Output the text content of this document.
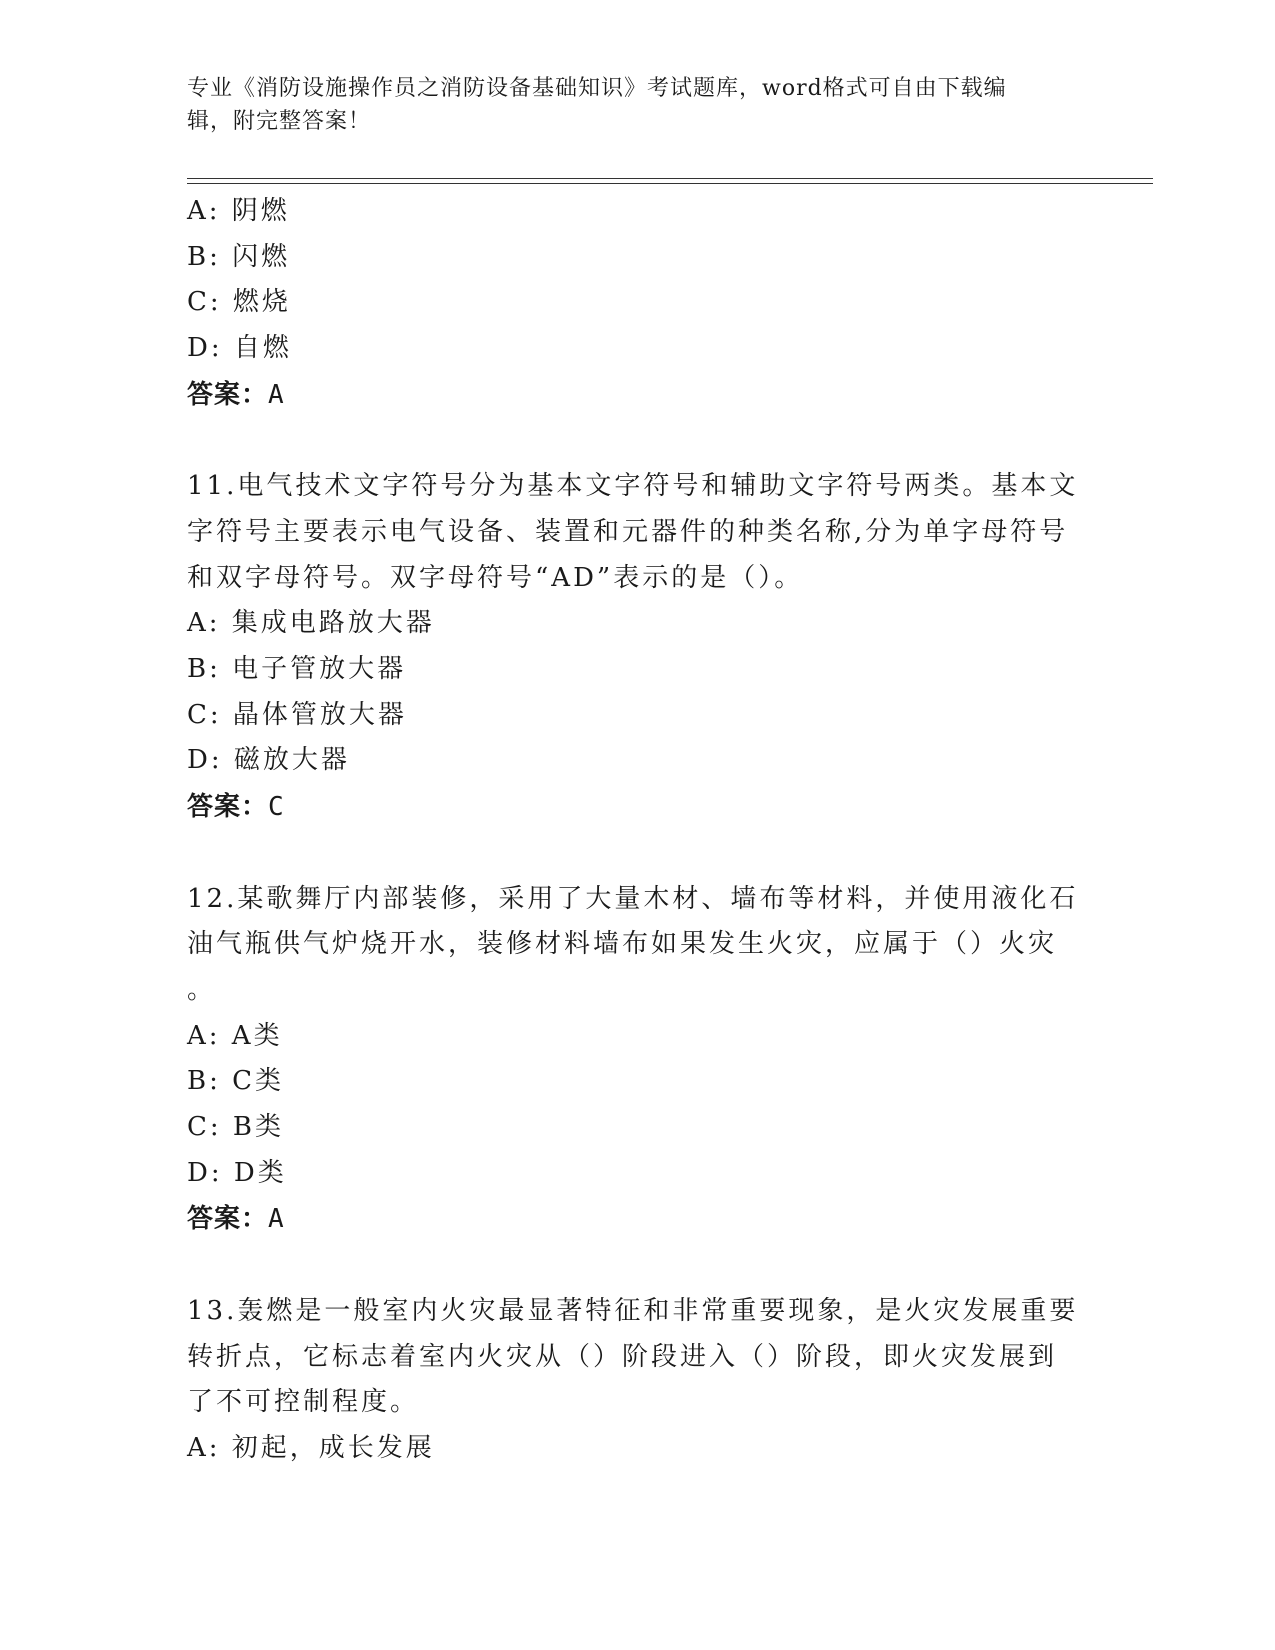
专业《消防设施操作员之消防设备基础知识》考试题库，word格式可自由下载编
辑，附完整答案！
A: 阴燃
B: 闪燃
C: 燃烧
D: 自燃
答案：A
11.电气技术文字符号分为基本文字符号和辅助文字符号两类。基本文
字符号主要表示电气设备、装置和元器件的种类名称,分为单字母符号
和双字母符号。双字母符号“AD”表示的是（）。
A: 集成电路放大器
B: 电子管放大器
C: 晶体管放大器
D: 磁放大器
答案：C
12.某歌舞厅内部装修，采用了大量木材、墙布等材料，并使用液化石
油气瓶供气炉烧开水，装修材料墙布如果发生火灾，应属于（）火灾
。
A: A类
B: C类
C: B类
D: D类
答案：A
13.轰燃是一般室内火灾最显著特征和非常重要现象，是火灾发展重要
转折点，它标志着室内火灾从（）阶段进入（）阶段，即火灾发展到
了不可控制程度。
A: 初起，成长发展
